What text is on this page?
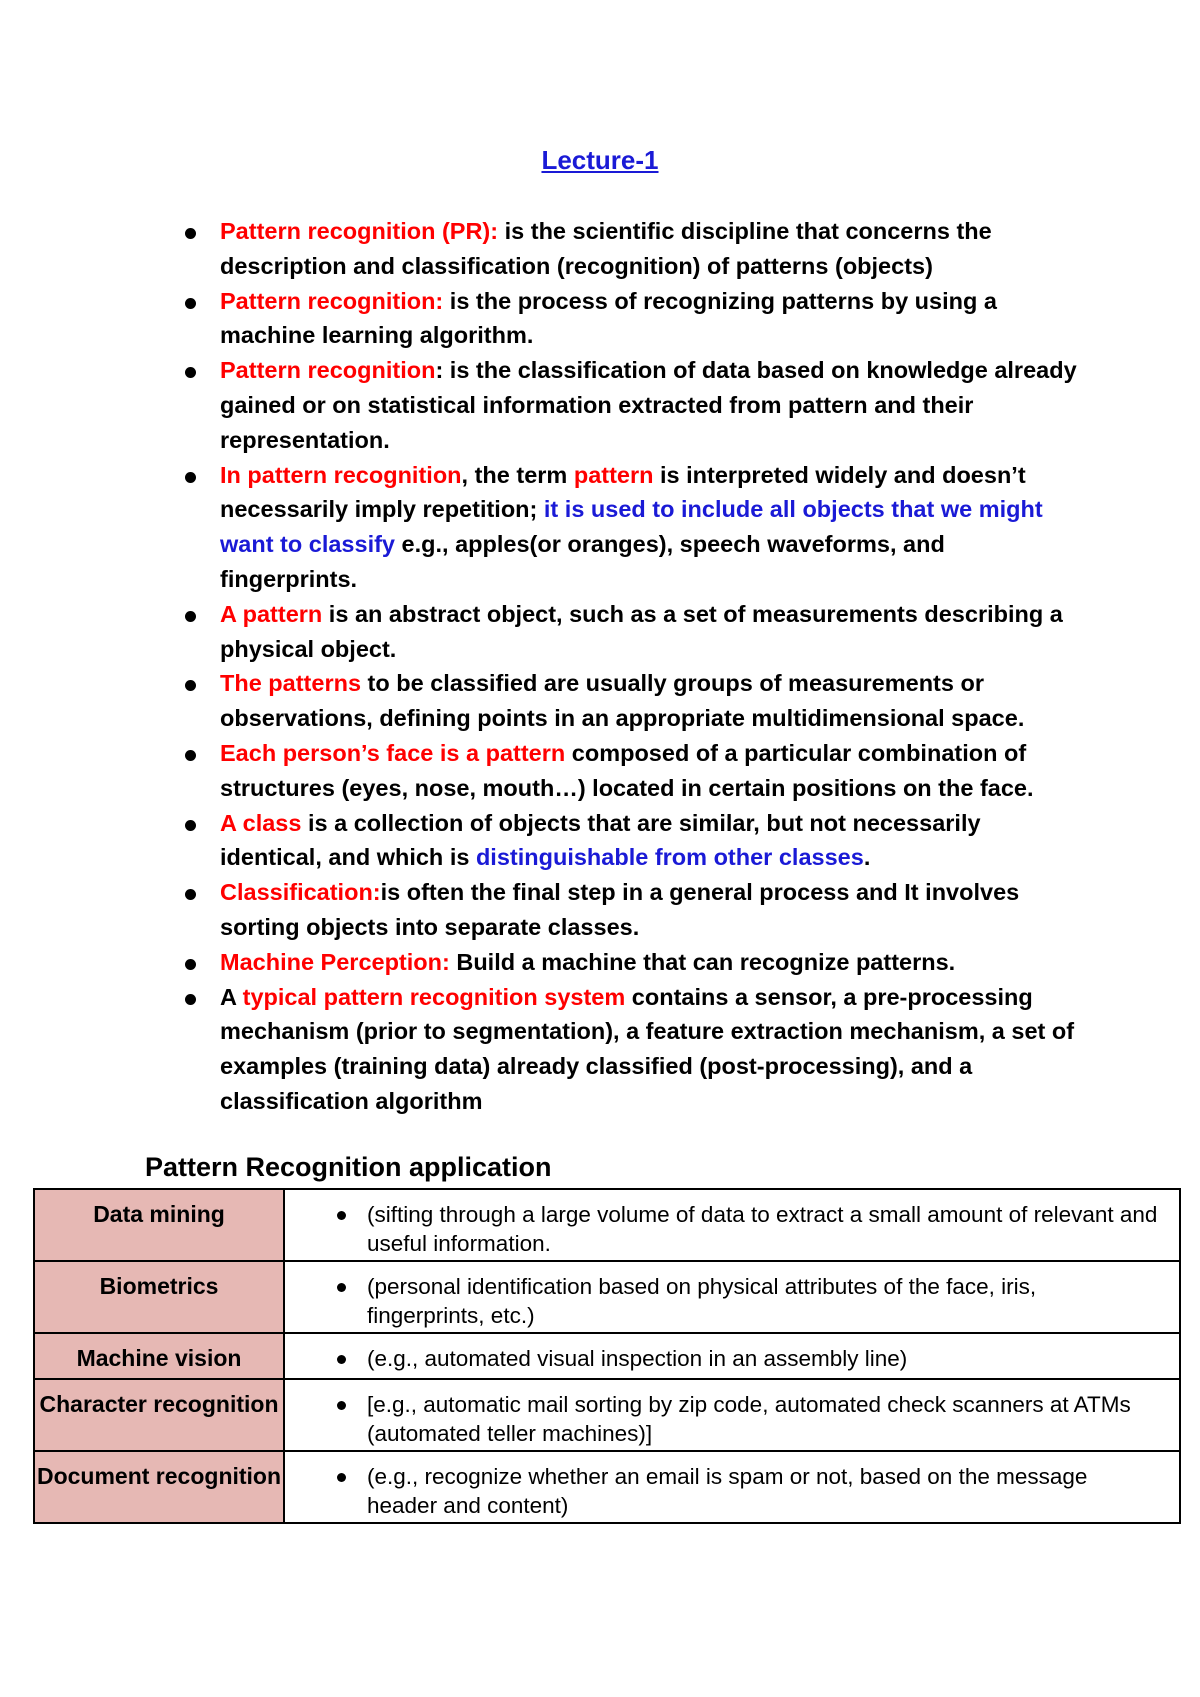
Lecture-1
Pattern recognition (PR): is the scientific discipline that concerns the description and classification (recognition) of patterns (objects)
Pattern recognition: is the process of recognizing patterns by using a machine learning algorithm.
Pattern recognition: is the classification of data based on knowledge already gained or on statistical information extracted from pattern and their representation.
In pattern recognition, the term pattern is interpreted widely and doesn’t necessarily imply repetition; it is used to include all objects that we might want to classify e.g., apples(or oranges), speech waveforms, and fingerprints.
A pattern is an abstract object, such as a set of measurements describing a physical object.
The patterns to be classified are usually groups of measurements or observations, defining points in an appropriate multidimensional space.
Each person’s face is a pattern composed of a particular combination of structures (eyes, nose, mouth…) located in certain positions on the face.
A class is a collection of objects that are similar, but not necessarily identical, and which is distinguishable from other classes.
Classification:is often the final step in a general process and It involves sorting objects into separate classes.
Machine Perception: Build a machine that can recognize patterns.
A typical pattern recognition system contains a sensor, a pre-processing mechanism (prior to segmentation), a feature extraction mechanism, a set of examples (training data) already classified (post-processing), and a classification algorithm
Pattern Recognition application
Data mining	(sifting through a large volume of data to extract a small amount of relevant and useful information.
Biometrics	(personal identification based on physical attributes of the face, iris, fingerprints, etc.)
Machine vision	(e.g., automated visual inspection in an assembly line)
Character recognition	[e.g., automatic mail sorting by zip code, automated check scanners at ATMs (automated teller machines)]
Document recognition	(e.g., recognize whether an email is spam or not, based on the message header and content)
